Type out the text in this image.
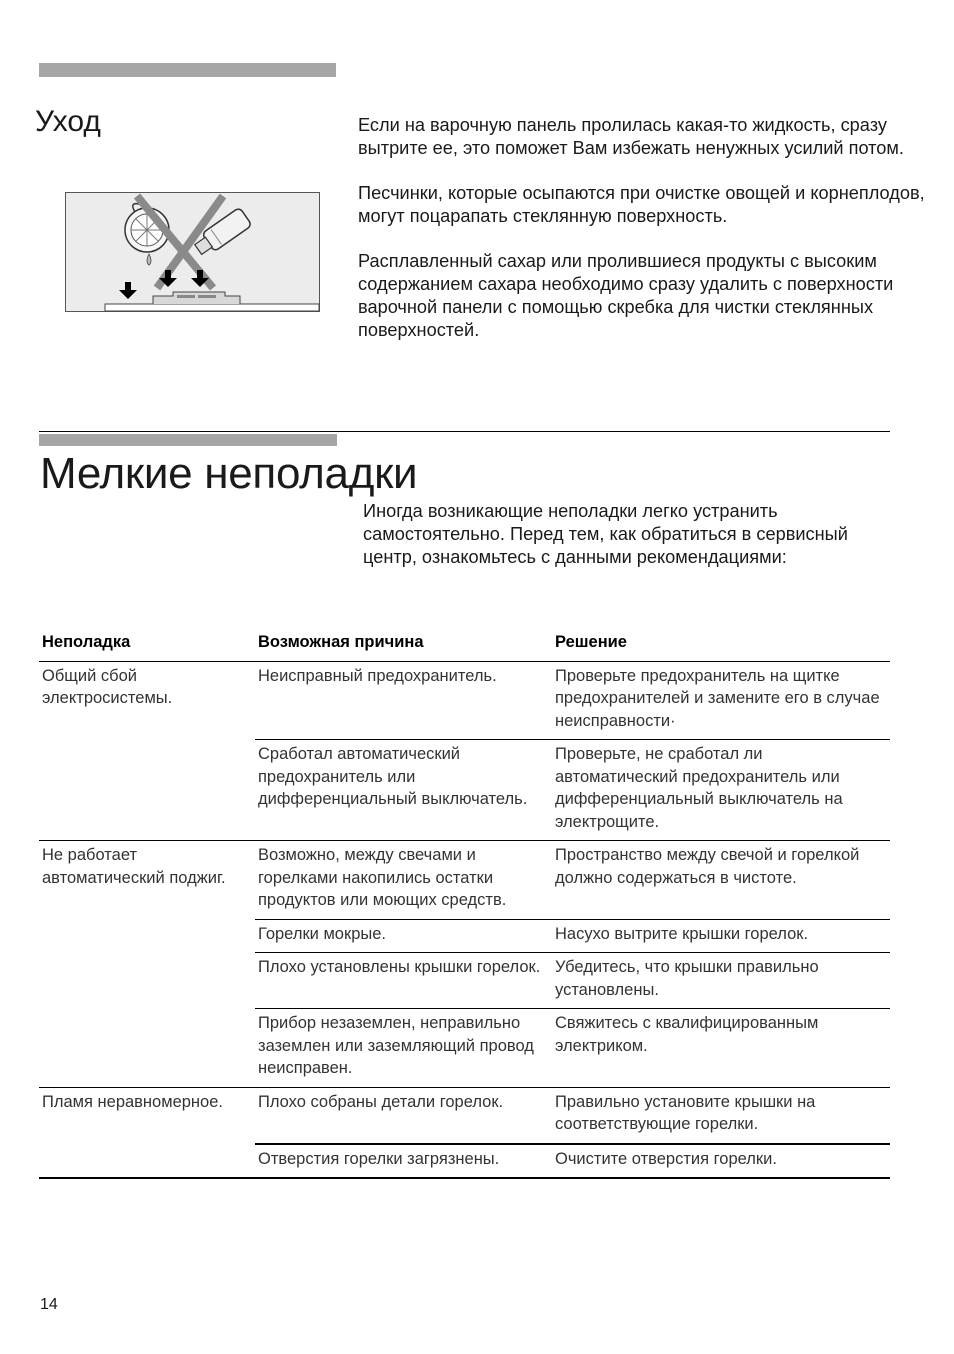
Уход	Если на варочную панель пролилась какая-то жидкость, сразу вытрите ее, это поможет Вам избежать ненужных усилий потом.

Песчинки, которые осыпаются при очистке овощей и корнеплодов, могут поцарапать стеклянную поверхность.

Расплавленный сахар или пролившиеся продукты с высоким содержанием сахара необходимо сразу удалить с поверхности варочной панели с помощью скребка для чистки стеклянных поверхностей.

Мелкие неполадки

Иногда возникающие неполадки легко устранить самостоятельно. Перед тем, как обратиться в сервисный центр, ознакомьтесь с данными рекомендациями:

Неполадка	Возможная причина	Решение
Общий сбой электросистемы.	Неисправный предохранитель.	Проверьте предохранитель на щитке предохранителей и замените его в случае неисправности·
	Сработал автоматический предохранитель или дифференциальный выключатель.	Проверьте, не сработал ли автоматический предохранитель или дифференциальный выключатель на электрощите.
Не работает автоматический поджиг.	Возможно, между свечами и горелками накопились остатки продуктов или моющих средств.	Пространство между свечой и горелкой должно содержаться в чистоте.
	Горелки мокрые.	Насухо вытрите крышки горелок.
	Плохо установлены крышки горелок.	Убедитесь, что крышки правильно установлены.
	Прибор незаземлен, неправильно заземлен или заземляющий провод неисправен.	Свяжитесь с квалифицированным электриком.
Пламя неравномерное.	Плохо собраны детали горелок.	Правильно установите крышки на соответствующие горелки.
	Отверстия горелки загрязнены.	Очистите отверстия горелки.
14
